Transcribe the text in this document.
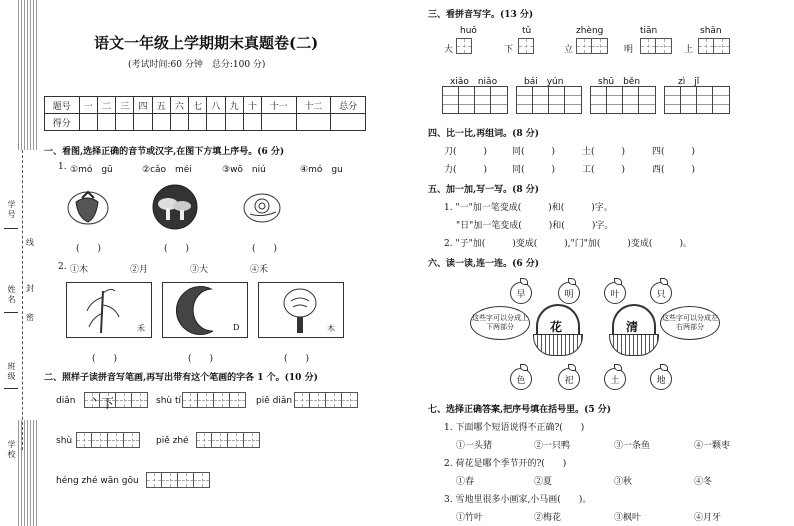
学号
姓名
班级
学校
线
封
密
语文一年级上学期期末真题卷(二)
(考试时间:60 分钟　总分:100 分)
题号	一	二	三	四	五	六	七	八	九	十	十一	十二	总分
得分													
一、看图,选择正确的音节或汉字,在图下方填上序号。(6 分)
1. ①mó　gū	②cǎo　méi	③wō　niú	④mó　gu
(　　)	(　　)	(　　)
2. ①木	②月	③大	④禾
禾	D	木
(　　)	(　　)	(　　)
二、照样子读拼音写笔画,再写出带有这个笔画的字各 1 个。(10 分)
diǎn 丶 下	shù tí	piě diǎn
shù	piě zhé
héng zhé wān gōu
三、看拼音写字。(13 分)
huǒ
大
tǔ
下
zhèng
立
tiān
明
shān
上
xiǎo　niǎo	bái　yún	shū　běn	zì　jǐ
四、比一比,再组词。(8 分)
刀(　　　)	同(　　　)	土(　　　)	四(　　　)
力(　　　)	同(　　　)	工(　　　)	西(　　　)
五、加一加,写一写。(8 分)
1. "一"加一笔变成(　　　)和(　　　)字。
"日"加一笔变成(　　　)和(　　　)字。
2. "子"加(　　　)变成(　　　),"门"加(　　　)变成(　　　)。
六、读一读,连一连。(6 分)
早	明	叶	只
这些字可以分成上下两部分
这些字可以分成左右两部分
花	清
色	祀	土	地
七、选择正确答案,把序号填在括号里。(5 分)
1. 下面哪个短语说得不正确?(　　)
①一头猪	②一只鸭	③一条鱼	④一颗枣
2. 荷花是哪个季节开的?(　　)
①春	②夏	③秋	④冬
3. 雪地里很多小画家,小马画(　　)。
①竹叶	②梅花	③枫叶	④月牙
